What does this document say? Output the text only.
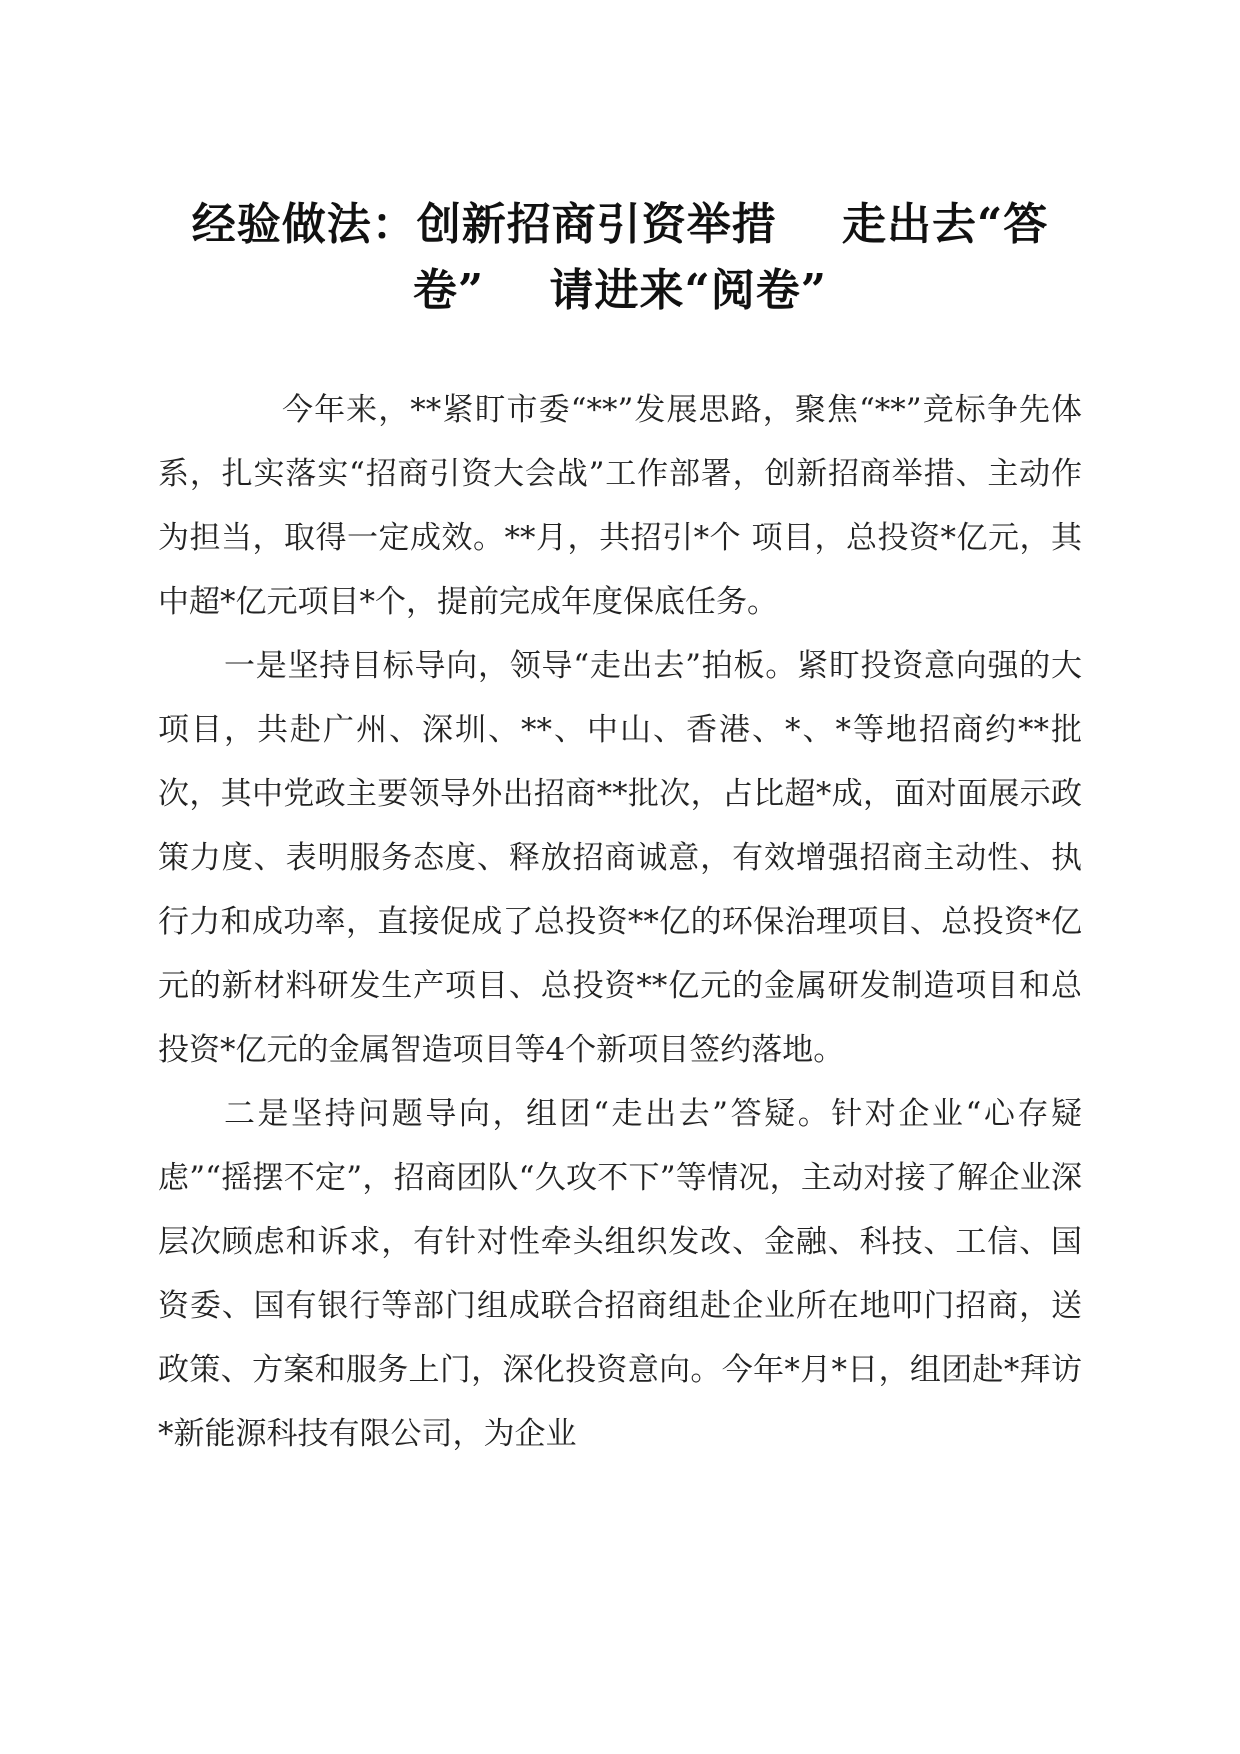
经验做法：创新招商引资举措    走出去“答
卷”    请进来“阅卷”

今年来，**紧盯市委“**”发展思路，聚焦“**”竞标争先体系，扎实落实“招商引资大会战”工作部署，创新招商举措、主动作为担当，取得一定成效。**月，共招引*个 项目，总投资*亿元，其中超*亿元项目*个，提前完成年度保底任务。

一是坚持目标导向，领导“走出去”拍板。紧盯投资意向强的大项目，共赴广州、深圳、**、中山、香港、*、*等地招商约**批次，其中党政主要领导外出招商**批次，占比超*成，面对面展示政策力度、表明服务态度、释放招商诚意，有效增强招商主动性、执行力和成功率，直接促成了总投资**亿的环保治理项目、总投资*亿元的新材料研发生产项目、总投资**亿元的金属研发制造项目和总投资*亿元的金属智造项目等4个新项目签约落地。

二是坚持问题导向，组团“走出去”答疑。针对企业“心存疑虑”“摇摆不定”，招商团队“久攻不下”等情况，主动对接了解企业深层次顾虑和诉求，有针对性牵头组织发改、金融、科技、工信、国资委、国有银行等部门组成联合招商组赴企业所在地叩门招商，送政策、方案和服务上门，深化投资意向。今年*月*日，组团赴*拜访*新能源科技有限公司，为企业
